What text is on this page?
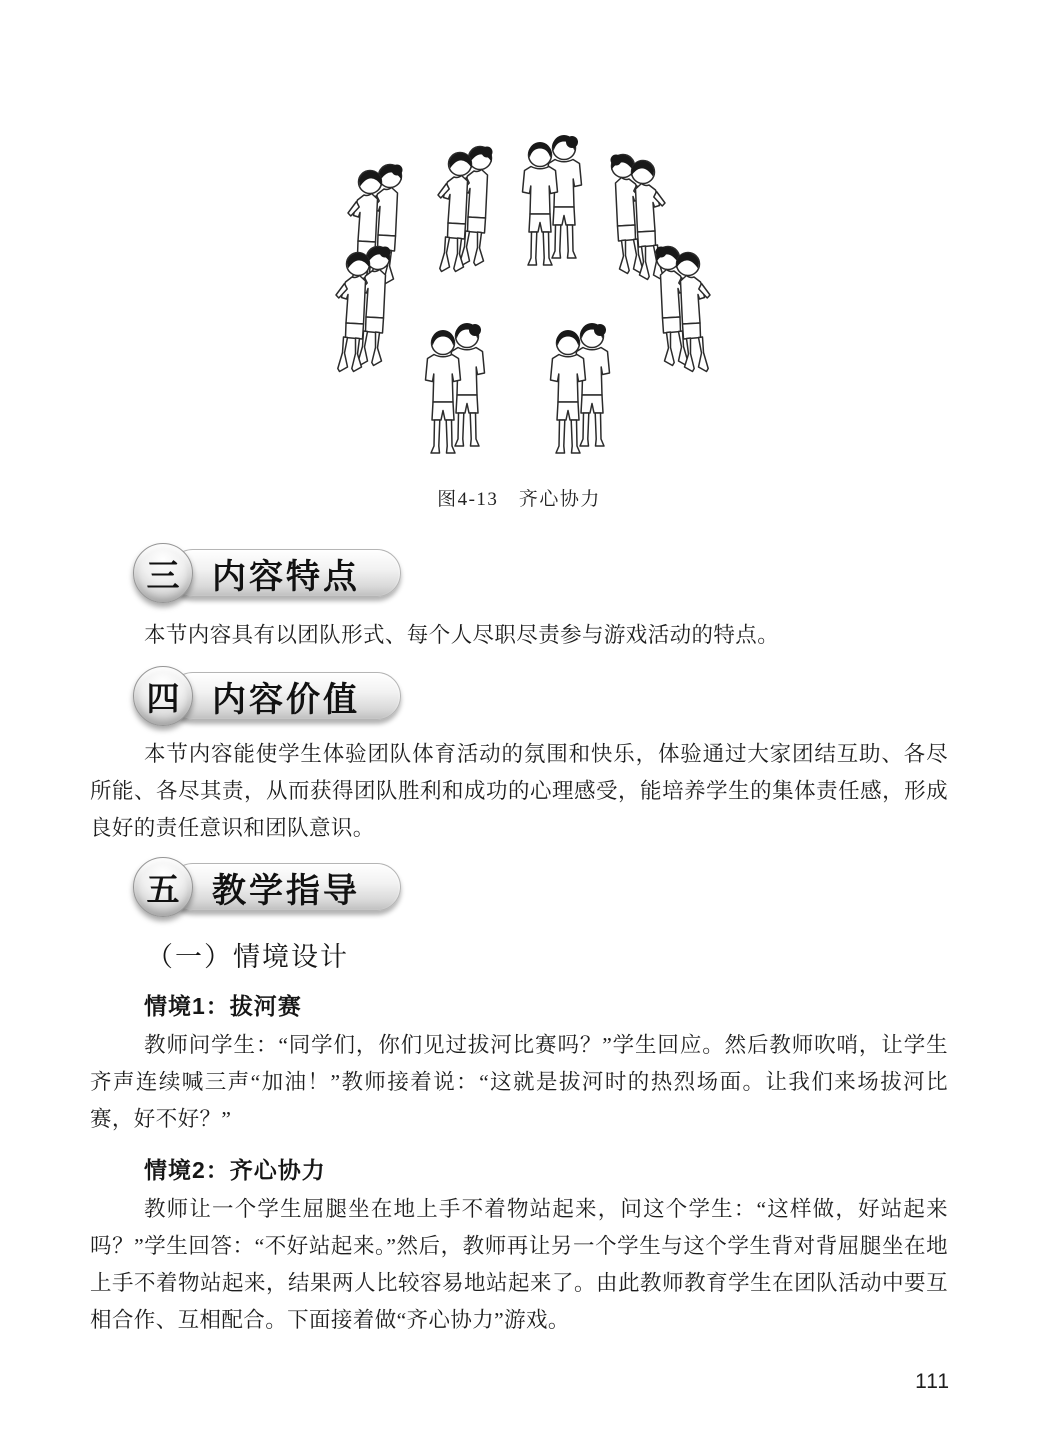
图4-13　齐心协力
三 内容特点

本节内容具有以团队形式、每个人尽职尽责参与游戏活动的特点。

四 内容价值

本节内容能使学生体验团队体育活动的氛围和快乐，体验通过大家团结互助、各尽所能、各尽其责，从而获得团队胜利和成功的心理感受，能培养学生的集体责任感，形成良好的责任意识和团队意识。

五 教学指导
（一）情境设计
情境1：拔河赛

教师问学生：“同学们，你们见过拔河比赛吗？”学生回应。然后教师吹哨，让学生齐声连续喊三声“加油！”教师接着说：“这就是拔河时的热烈场面。让我们来场拔河比赛，好不好？”

情境2：齐心协力

教师让一个学生屈腿坐在地上手不着物站起来，问这个学生：“这样做，好站起来吗？”学生回答：“不好站起来。”然后，教师再让另一个学生与这个学生背对背屈腿坐在地上手不着物站起来，结果两人比较容易地站起来了。由此教师教育学生在团队活动中要互相合作、互相配合。下面接着做“齐心协力”游戏。

111
